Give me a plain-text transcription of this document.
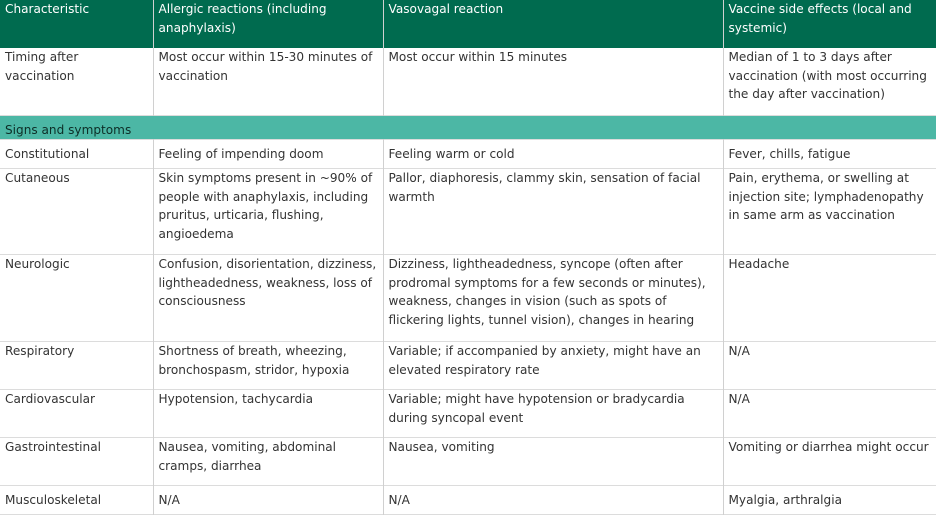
Characteristic	Allergic reactions (including anaphylaxis)	Vasovagal reaction	Vaccine side effects (local and systemic)
Timing after vaccination	Most occur within 15-30 minutes of vaccination	Most occur within 15 minutes	Median of 1 to 3 days after vaccination (with most occurring the day after vaccination)
Signs and symptoms			
Constitutional	Feeling of impending doom	Feeling warm or cold	Fever, chills, fatigue
Cutaneous	Skin symptoms present in ~90% of people with anaphylaxis, including pruritus, urticaria, flushing, angioedema	Pallor, diaphoresis, clammy skin, sensation of facial warmth	Pain, erythema, or swelling at injection site; lymphadenopathy in same arm as vaccination
Neurologic	Confusion, disorientation, dizziness, lightheadedness, weakness, loss of consciousness	Dizziness, lightheadedness, syncope (often after prodromal symptoms for a few seconds or minutes), weakness, changes in vision (such as spots of flickering lights, tunnel vision), changes in hearing	Headache
Respiratory	Shortness of breath, wheezing, bronchospasm, stridor, hypoxia	Variable; if accompanied by anxiety, might have an elevated respiratory rate	N/A
Cardiovascular	Hypotension, tachycardia	Variable; might have hypotension or bradycardia during syncopal event	N/A
Gastrointestinal	Nausea, vomiting, abdominal cramps, diarrhea	Nausea, vomiting	Vomiting or diarrhea might occur
Musculoskeletal	N/A	N/A	Myalgia, arthralgia
